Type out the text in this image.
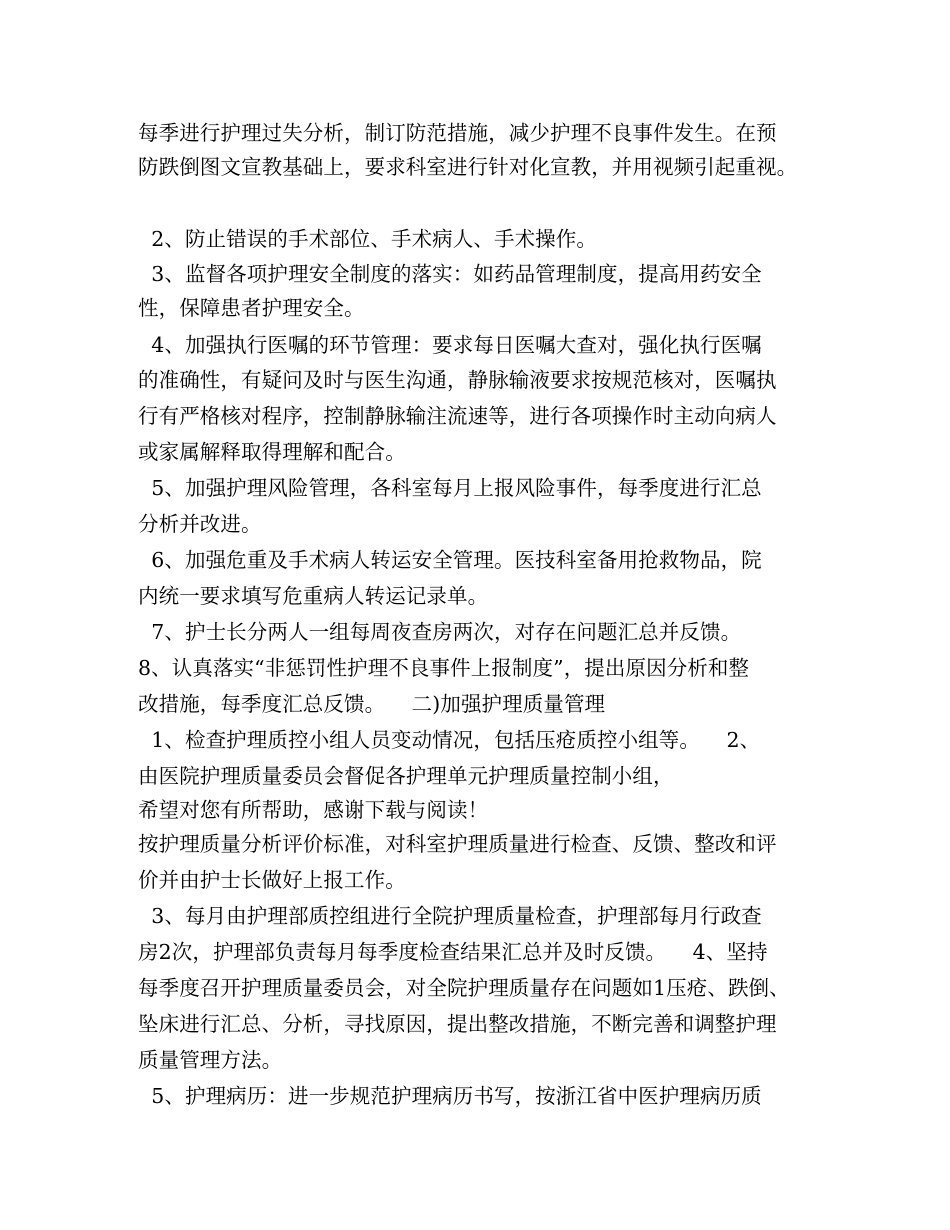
每季进行护理过失分析，制订防范措施，减少护理不良事件发生。在预
防跌倒图文宣教基础上，要求科室进行针对化宣教，并用视频引起重视。
2、防止错误的手术部位、手术病人、手术操作。
3、监督各项护理安全制度的落实：如药品管理制度，提高用药安全
性，保障患者护理安全。
4、加强执行医嘱的环节管理：要求每日医嘱大查对，强化执行医嘱
的准确性，有疑问及时与医生沟通，静脉输液要求按规范核对，医嘱执
行有严格核对程序，控制静脉输注流速等，进行各项操作时主动向病人
或家属解释取得理解和配合。
5、加强护理风险管理，各科室每月上报风险事件，每季度进行汇总
分析并改进。
6、加强危重及手术病人转运安全管理。医技科室备用抢救物品，院
内统一要求填写危重病人转运记录单。
7、护士长分两人一组每周夜查房两次，对存在问题汇总并反馈。
8、认真落实“非惩罚性护理不良事件上报制度”，提出原因分析和整
改措施，每季度汇总反馈。    二)加强护理质量管理
1、检查护理质控小组人员变动情况，包括压疮质控小组等。    2、
由医院护理质量委员会督促各护理单元护理质量控制小组，
希望对您有所帮助，感谢下载与阅读！
按护理质量分析评价标准，对科室护理质量进行检查、反馈、整改和评
价并由护士长做好上报工作。
3、每月由护理部质控组进行全院护理质量检查，护理部每月行政查
房2次，护理部负责每月每季度检查结果汇总并及时反馈。    4、坚持
每季度召开护理质量委员会，对全院护理质量存在问题如1压疮、跌倒、
坠床进行汇总、分析，寻找原因，提出整改措施，不断完善和调整护理
质量管理方法。
5、护理病历：进一步规范护理病历书写，按浙江省中医护理病历质
